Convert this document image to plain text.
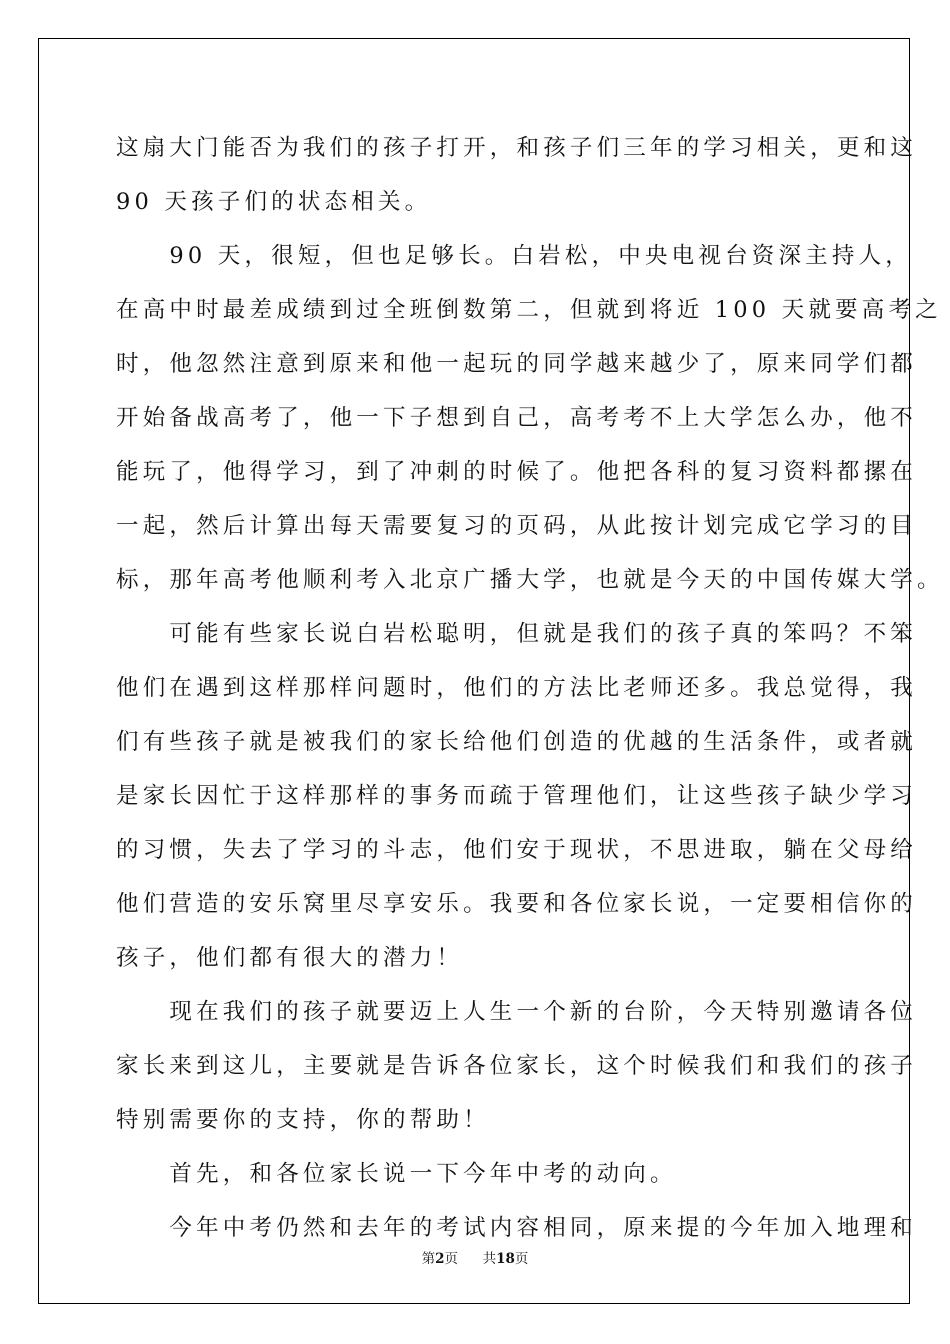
这扇大门能否为我们的孩子打开，和孩子们三年的学习相关，更和这
90 天孩子们的状态相关。
　　90 天，很短，但也足够长。白岩松，中央电视台资深主持人，
在高中时最差成绩到过全班倒数第二，但就到将近 100 天就要高考之
时，他忽然注意到原来和他一起玩的同学越来越少了，原来同学们都
开始备战高考了，他一下子想到自己，高考考不上大学怎么办，他不
能玩了，他得学习，到了冲刺的时候了。他把各科的复习资料都摞在
一起，然后计算出每天需要复习的页码，从此按计划完成它学习的目
标，那年高考他顺利考入北京广播大学，也就是今天的中国传媒大学。
　　可能有些家长说白岩松聪明，但就是我们的孩子真的笨吗？不笨
他们在遇到这样那样问题时，他们的方法比老师还多。我总觉得，我
们有些孩子就是被我们的家长给他们创造的优越的生活条件，或者就
是家长因忙于这样那样的事务而疏于管理他们，让这些孩子缺少学习
的习惯，失去了学习的斗志，他们安于现状，不思进取，躺在父母给
他们营造的安乐窝里尽享安乐。我要和各位家长说，一定要相信你的
孩子，他们都有很大的潜力！
　　现在我们的孩子就要迈上人生一个新的台阶，今天特别邀请各位
家长来到这儿，主要就是告诉各位家长，这个时候我们和我们的孩子
特别需要你的支持，你的帮助！
　　首先，和各位家长说一下今年中考的动向。
　　今年中考仍然和去年的考试内容相同，原来提的今年加入地理和
第2页 共18页
